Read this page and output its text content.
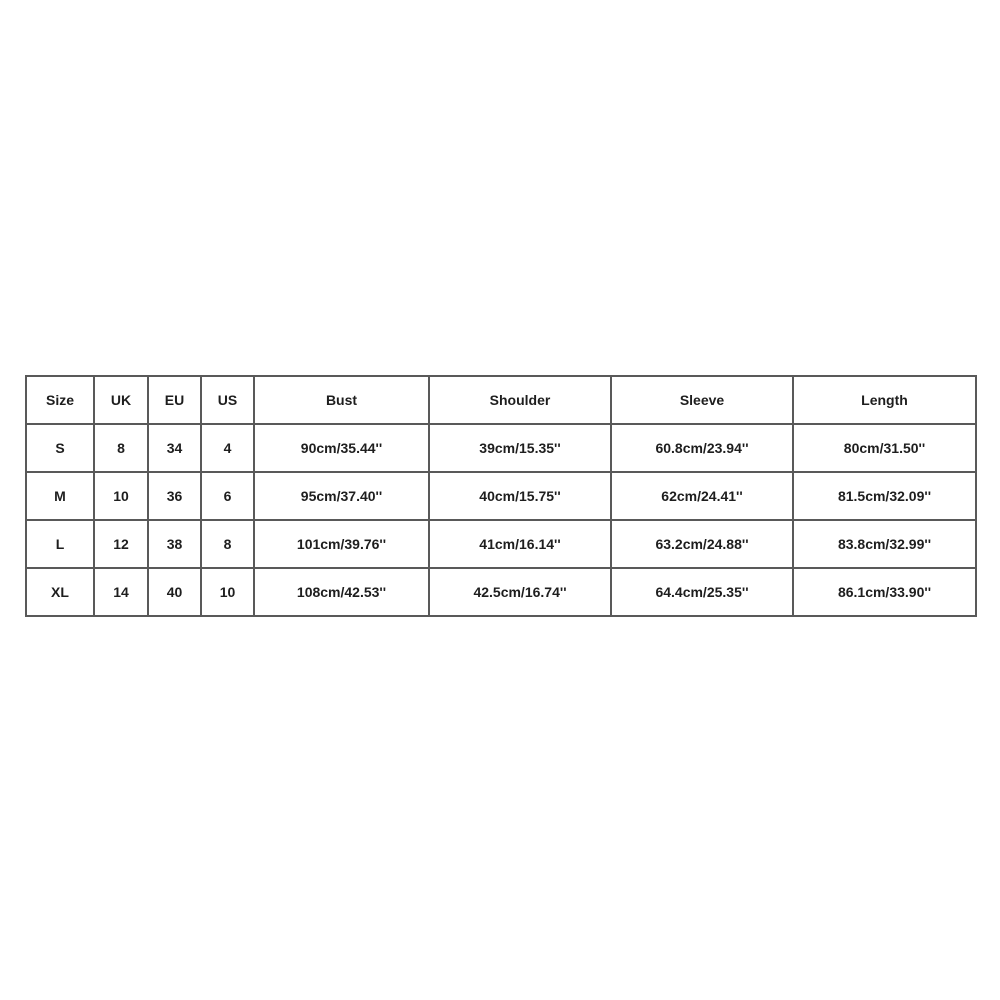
Size	UK	EU	US	Bust	Shoulder	Sleeve	Length
S	8	34	4	90cm/35.44''	39cm/15.35''	60.8cm/23.94''	80cm/31.50''
M	10	36	6	95cm/37.40''	40cm/15.75''	62cm/24.41''	81.5cm/32.09''
L	12	38	8	101cm/39.76''	41cm/16.14''	63.2cm/24.88''	83.8cm/32.99''
XL	14	40	10	108cm/42.53''	42.5cm/16.74''	64.4cm/25.35''	86.1cm/33.90''
